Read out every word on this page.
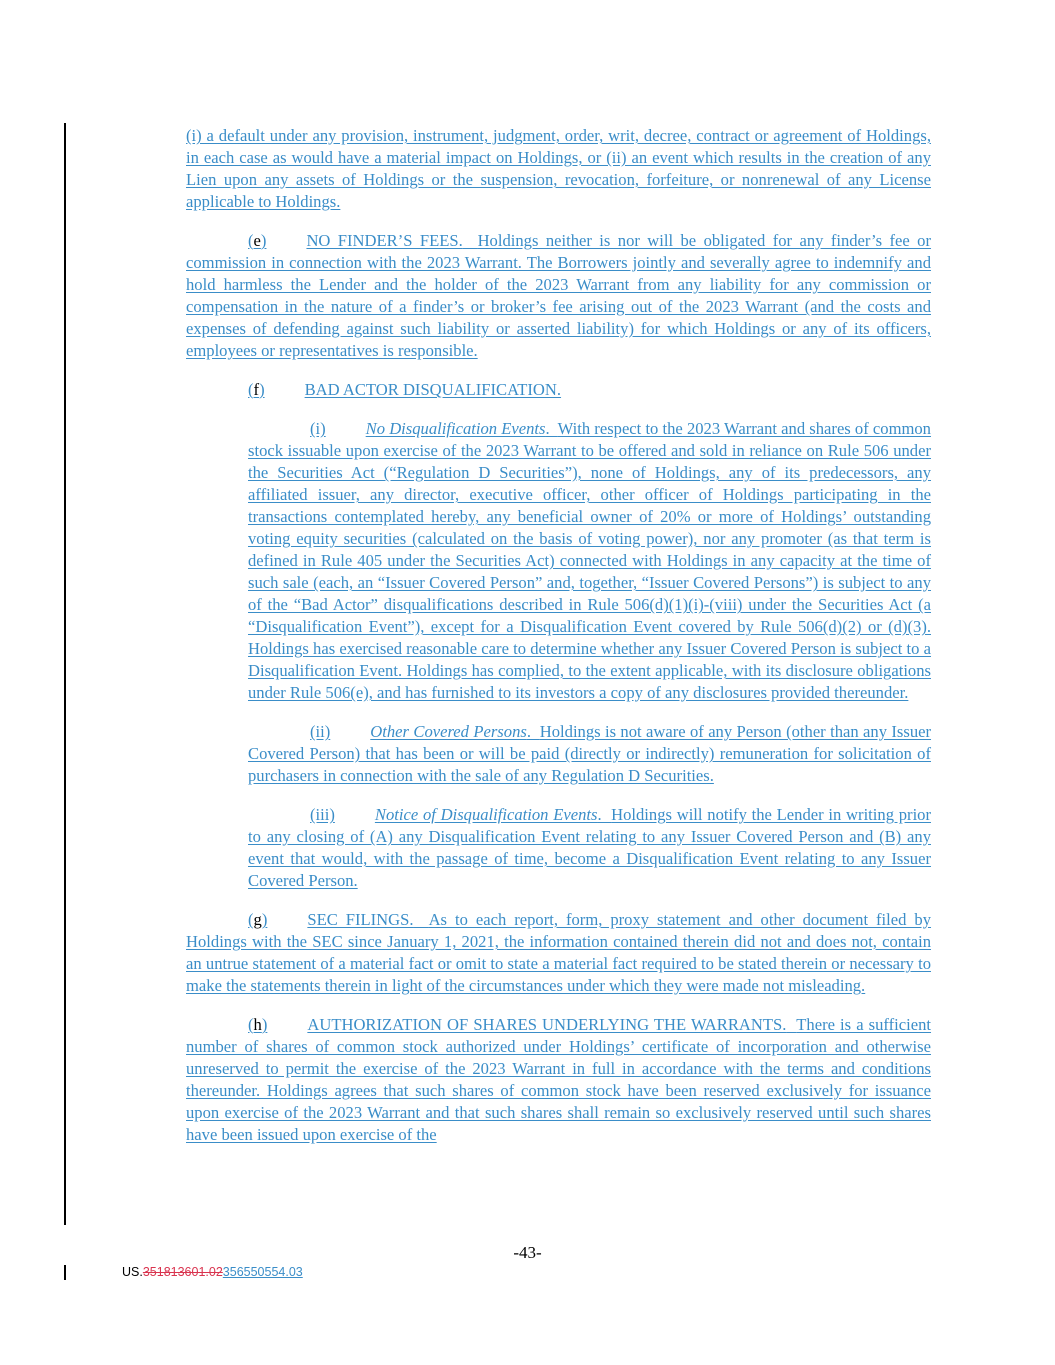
(i) a default under any provision, instrument, judgment, order, writ, decree, contract or agreement of Holdings, in each case as would have a material impact on Holdings, or (ii) an event which results in the creation of any Lien upon any assets of Holdings or the suspension, revocation, forfeiture, or nonrenewal of any License applicable to Holdings.

(e) NO FINDER’S FEES. Holdings neither is nor will be obligated for any finder’s fee or commission in connection with the 2023 Warrant. The Borrowers jointly and severally agree to indemnify and hold harmless the Lender and the holder of the 2023 Warrant from any liability for any commission or compensation in the nature of a finder’s or broker’s fee arising out of the 2023 Warrant (and the costs and expenses of defending against such liability or asserted liability) for which Holdings or any of its officers, employees or representatives is responsible.

(f) BAD ACTOR DISQUALIFICATION.

(i) No Disqualification Events.  With respect to the 2023 Warrant and shares of common stock issuable upon exercise of the 2023 Warrant to be offered and sold in reliance on Rule 506 under the Securities Act (“Regulation D Securities”), none of Holdings, any of its predecessors, any affiliated issuer, any director, executive officer, other officer of Holdings participating in the transactions contemplated hereby, any beneficial owner of 20% or more of Holdings’ outstanding voting equity securities (calculated on the basis of voting power), nor any promoter (as that term is defined in Rule 405 under the Securities Act) connected with Holdings in any capacity at the time of such sale (each, an “Issuer Covered Person” and, together, “Issuer Covered Persons”) is subject to any of the “Bad Actor” disqualifications described in Rule 506(d)(1)(i)-(viii) under the Securities Act (a “Disqualification Event”), except for a Disqualification Event covered by Rule 506(d)(2) or (d)(3). Holdings has exercised reasonable care to determine whether any Issuer Covered Person is subject to a Disqualification Event. Holdings has complied, to the extent applicable, with its disclosure obligations under Rule 506(e), and has furnished to its investors a copy of any disclosures provided thereunder.

(ii) Other Covered Persons.  Holdings is not aware of any Person (other than any Issuer Covered Person) that has been or will be paid (directly or indirectly) remuneration for solicitation of purchasers in connection with the sale of any Regulation D Securities.

(iii) Notice of Disqualification Events.  Holdings will notify the Lender in writing prior to any closing of (A) any Disqualification Event relating to any Issuer Covered Person and (B) any event that would, with the passage of time, become a Disqualification Event relating to any Issuer Covered Person.

(g) SEC FILINGS. As to each report, form, proxy statement and other document filed by Holdings with the SEC since January 1, 2021, the information contained therein did not and does not, contain an untrue statement of a material fact or omit to state a material fact required to be stated therein or necessary to make the statements therein in light of the circumstances under which they were made not misleading.

(h) AUTHORIZATION OF SHARES UNDERLYING THE WARRANTS. There is a sufficient number of shares of common stock authorized under Holdings’ certificate of incorporation and otherwise unreserved to permit the exercise of the 2023 Warrant in full in accordance with the terms and conditions thereunder. Holdings agrees that such shares of common stock have been reserved exclusively for issuance upon exercise of the 2023 Warrant and that such shares shall remain so exclusively reserved until such shares have been issued upon exercise of the

-43-
US.351813601.02356550554.03
